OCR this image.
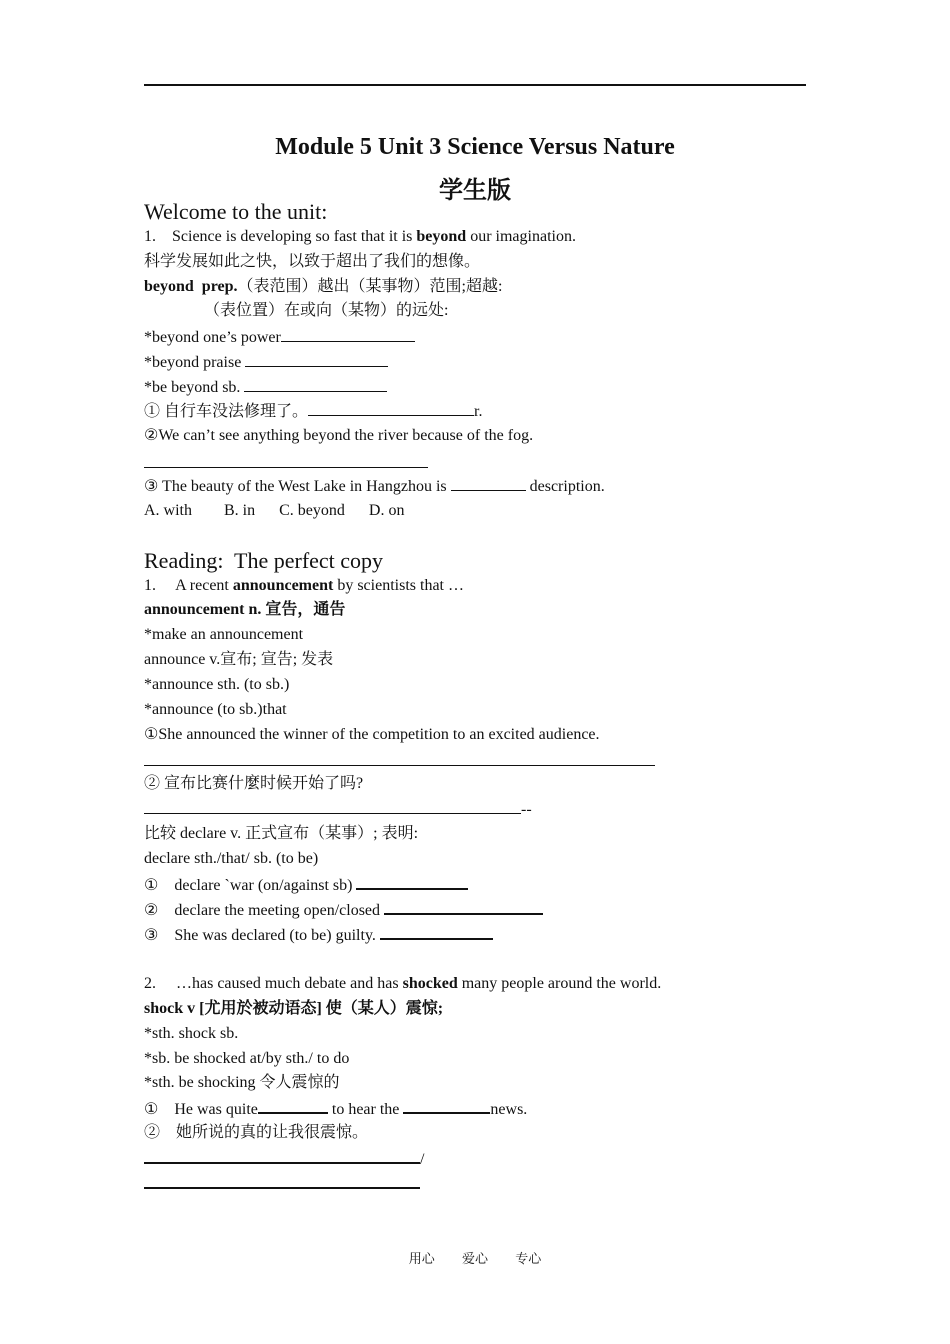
Module 5 Unit 3 Science Versus Nature
学生版
Welcome to the unit:
1.    Science is developing so fast that it is beyond our imagination.
科学发展如此之快，以致于超出了我们的想像。
beyond  prep.（表范围）越出（某事物）范围;超越:
（表位置）在或向（某物）的远处:
*beyond one’s power
*beyond praise
*be beyond sb.
① 自行车没法修理了。	r.
②We can’t see anything beyond the river because of the fog.
③ The beauty of the West Lake in Hangzhou is	description.
A. with        B. in      C. beyond      D. on
Reading:  The perfect copy
1.     A recent announcement by scientists that …
announcement n. 宣告，通告
*make an announcement
announce v.宣布; 宣告; 发表
*announce sth. (to sb.)
*announce (to sb.)that
①She announced the winner of the competition to an excited audience.
② 宣布比赛什麼时候开始了吗?
--
比较 declare v. 正式宣布（某事）; 表明:
declare sth./that/ sb. (to be)
①    declare `war (on/against sb)
②    declare the meeting open/closed
③    She was declared (to be) guilty.
2.     …has caused much debate and has shocked many people around the world.
shock v [尤用於被动语态] 使（某人）震惊;
*sth. shock sb.
*sb. be shocked at/by sth./ to do
*sth. be shocking 令人震惊的
①    He was quite	to hear the	news.
②    她所说的真的让我很震惊。
/
用心 爱心 专心
